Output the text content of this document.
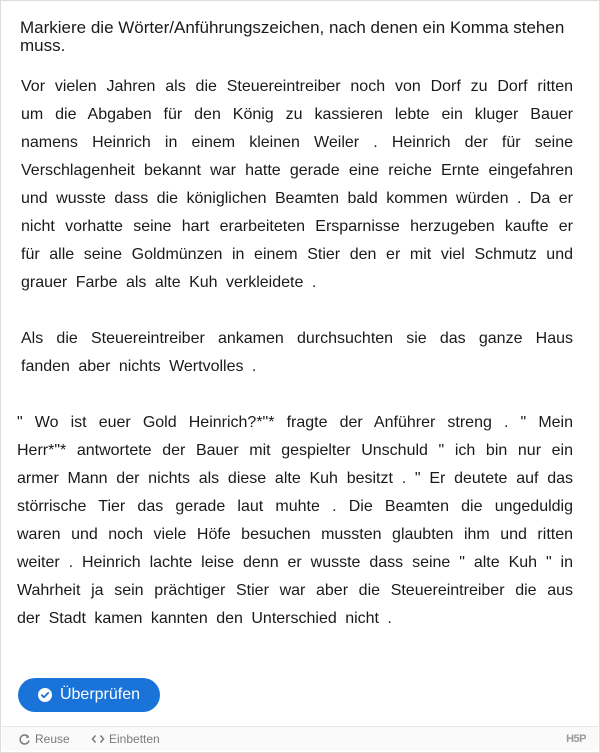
Markiere die Wörter/Anführungszeichen, nach denen ein Komma stehen muss.
Vor vielen Jahren als die Steuereintreiber noch von Dorf zu Dorf ritten um die Abgaben für den König zu kassieren lebte ein kluger Bauer namens Heinrich in einem kleinen Weiler . Heinrich der für seine Verschlagenheit bekannt war hatte gerade eine reiche Ernte eingefahren und wusste dass die königlichen Beamten bald kommen würden . Da er nicht vorhatte seine hart erarbeiteten Ersparnisse herzugeben kaufte er für alle seine Goldmünzen in einem Stier den er mit viel Schmutz und grauer Farbe als alte Kuh verkleidete .
Als die Steuereintreiber ankamen durchsuchten sie das ganze Haus fanden aber nichts Wertvolles .
" Wo ist euer Gold Heinrich?*"* fragte der Anführer streng . " Mein Herr*"* antwortete der Bauer mit gespielter Unschuld " ich bin nur ein armer Mann der nichts als diese alte Kuh besitzt . " Er deutete auf das störrische Tier das gerade laut muhte . Die Beamten die ungeduldig waren und noch viele Höfe besuchen mussten glaubten ihm und ritten weiter . Heinrich lachte leise denn er wusste dass seine " alte Kuh " in Wahrheit ja sein prächtiger Stier war aber die Steuereintreiber die aus der Stadt kamen kannten den Unterschied nicht .
Überprüfen
Reuse	Einbetten	H5P
